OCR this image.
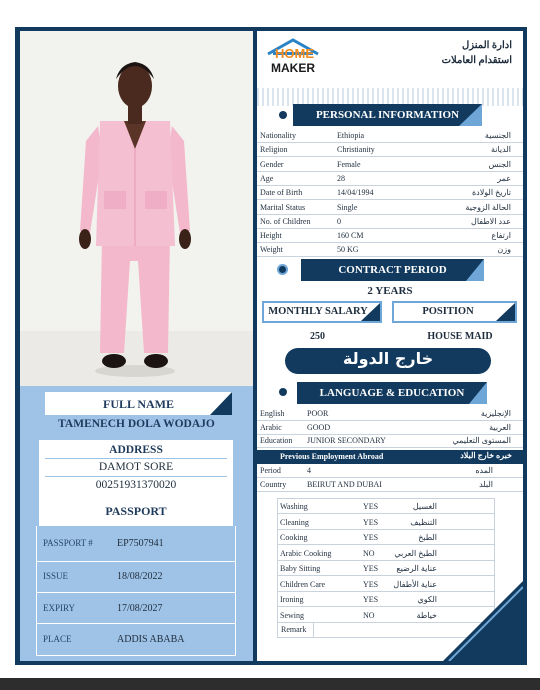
FULL NAME
TAMENECH DOLA WODAJO
ADDRESS
DAMOT SORE
00251931370020
PASSPORT
PASSPORT # EP7507941
ISSUE	18/08/2022
EXPIRY	17/08/2027
PLACE	ADDIS ABABA
HOME
MAKER
ادارة المنزل
استقدام العاملات
PERSONAL INFORMATION
Nationality	Ethiopia	الجنسية
Religion	Christianity	الديانة
Gender	Female	الجنس
Age	28	عمر
Date of Birth	14/04/1994	تاريخ الولادة
Marital Status	Single	الحالة الزوجية
No. of Children	0	عدد الاطفال
Height	160 CM	ارتفاع
Weight	50 KG	وزن
CONTRACT PERIOD
2 YEARS
MONTHLY SALARY	POSITION
250	HOUSE MAID
خارج الدولة
LANGUAGE & EDUCATION
English	POOR	الإنجليزية
Arabic	GOOD	العربية
Education JUNIOR SECONDARY	المستوى التعليمي
Previous Employment Abroad	خبره خارج البلاد
Period	4	المده
Country	BEIRUT AND DUBAI	البلد
Washing	YES	الغسيل
Cleaning	YES	التنظيف
Cooking	YES	الطبخ
Arabic Cooking	NO الطبخ العربي
Baby Sitting	YES عناية الرضيع
Children Care	YES عناية الأطفال
Ironing	YES	الكوي
Sewing	NO	خياطة
Remark
